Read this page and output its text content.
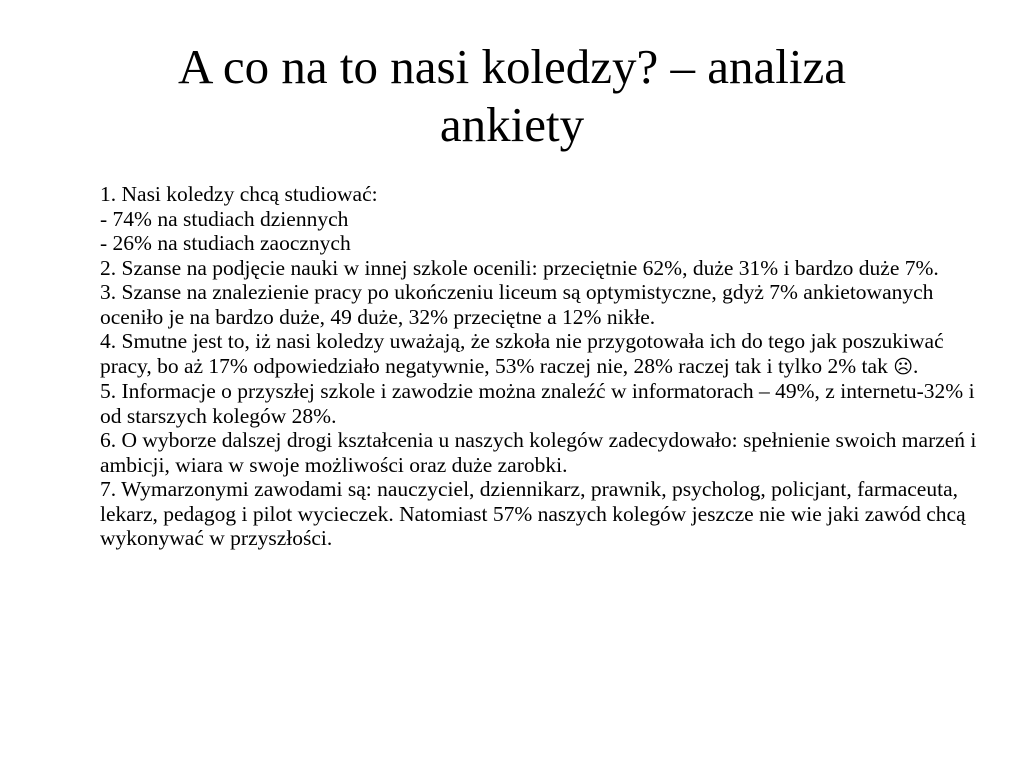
A co na to nasi koledzy? – analiza
ankiety

1. Nasi koledzy chcą studiować:

- 74% na studiach dziennych

- 26% na studiach zaocznych

2. Szanse na podjęcie nauki w innej szkole ocenili: przeciętnie 62%, duże 31% i bardzo duże 7%.

3. Szanse na znalezienie pracy po ukończeniu liceum są optymistyczne, gdyż 7% ankietowanych oceniło je na bardzo duże, 49 duże, 32% przeciętne a 12% nikłe.

4. Smutne jest to, iż nasi koledzy uważają, że szkoła nie przygotowała ich do tego jak poszukiwać pracy, bo aż 17% odpowiedziało negatywnie, 53% raczej nie, 28% raczej tak i tylko 2% tak ☹.

5. Informacje o przyszłej szkole i zawodzie można znaleźć w informatorach – 49%, z internetu-32% i od starszych kolegów 28%.

6. O wyborze dalszej drogi kształcenia u naszych kolegów zadecydowało: spełnienie swoich marzeń i ambicji, wiara w swoje możliwości oraz duże zarobki.

7. Wymarzonymi zawodami są: nauczyciel, dziennikarz, prawnik, psycholog, policjant, farmaceuta, lekarz, pedagog i pilot wycieczek. Natomiast 57% naszych kolegów jeszcze nie wie jaki zawód chcą wykonywać w przyszłości.
